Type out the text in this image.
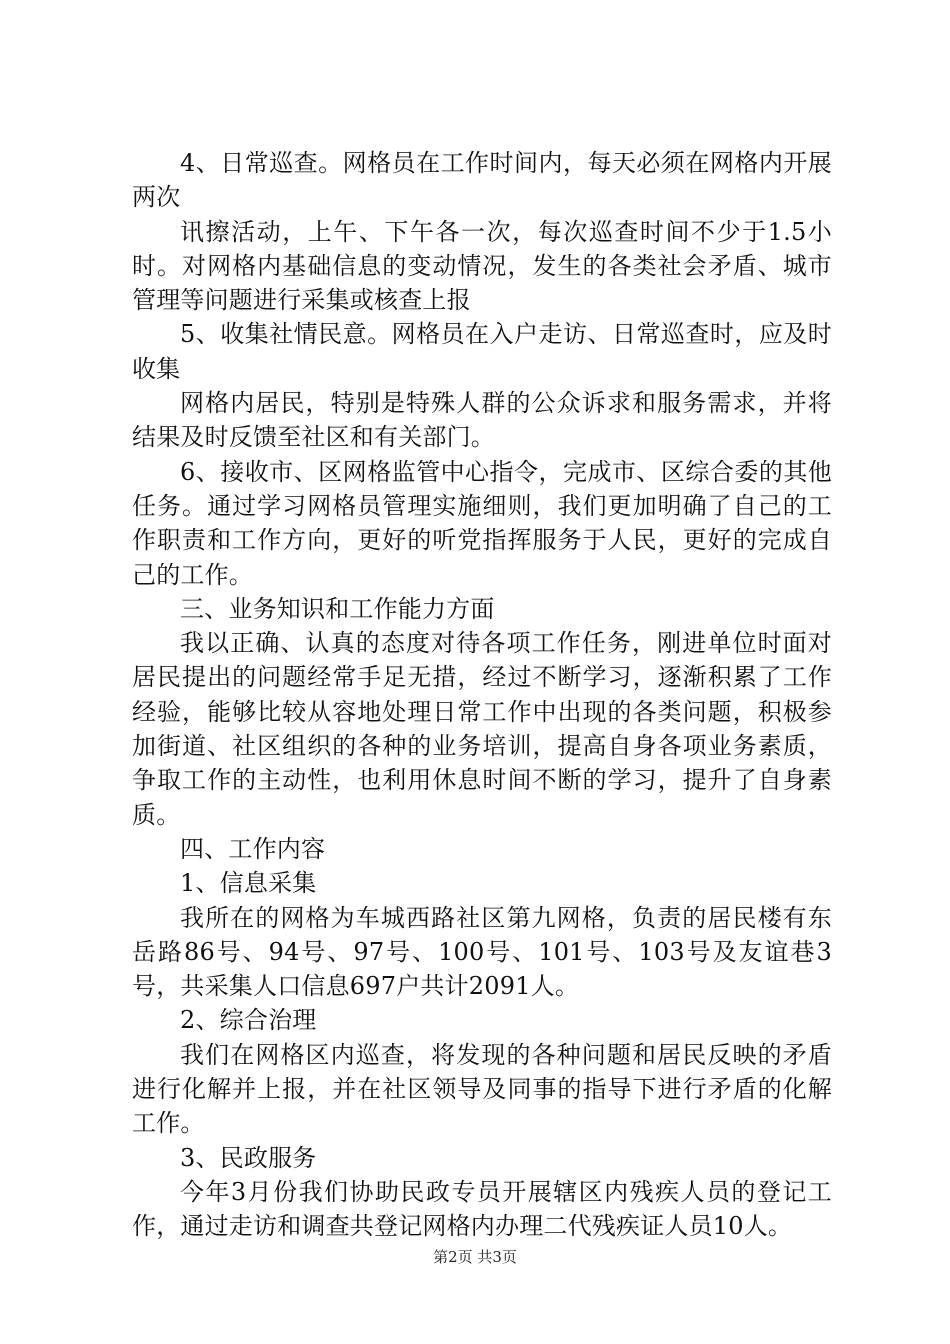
4、日常巡查。网格员在工作时间内，每天必须在网格内开展两次

讯擦活动，上午、下午各一次，每次巡查时间不少于1.5小时。对网格内基础信息的变动情况，发生的各类社会矛盾、城市管理等问题进行采集或核查上报

5、收集社情民意。网格员在入户走访、日常巡查时，应及时收集

网格内居民，特别是特殊人群的公众诉求和服务需求，并将结果及时反馈至社区和有关部门。

6、接收市、区网格监管中心指令，完成市、区综合委的其他任务。通过学习网格员管理实施细则，我们更加明确了自己的工作职责和工作方向，更好的听党指挥服务于人民，更好的完成自己的工作。

三、业务知识和工作能力方面

我以正确、认真的态度对待各项工作任务，刚进单位时面对居民提出的问题经常手足无措，经过不断学习，逐渐积累了工作经验，能够比较从容地处理日常工作中出现的各类问题，积极参加街道、社区组织的各种的业务培训，提高自身各项业务素质，争取工作的主动性，也利用休息时间不断的学习，提升了自身素质。

四、工作内容

1、信息采集

我所在的网格为车城西路社区第九网格，负责的居民楼有东岳路86号、94号、97号、100号、101号、103号及友谊巷3号，共采集人口信息697户共计2091人。

2、综合治理

我们在网格区内巡查，将发现的各种问题和居民反映的矛盾进行化解并上报，并在社区领导及同事的指导下进行矛盾的化解工作。

3、民政服务

今年3月份我们协助民政专员开展辖区内残疾人员的登记工作，通过走访和调查共登记网格内办理二代残疾证人员10人。

第2页 共3页
